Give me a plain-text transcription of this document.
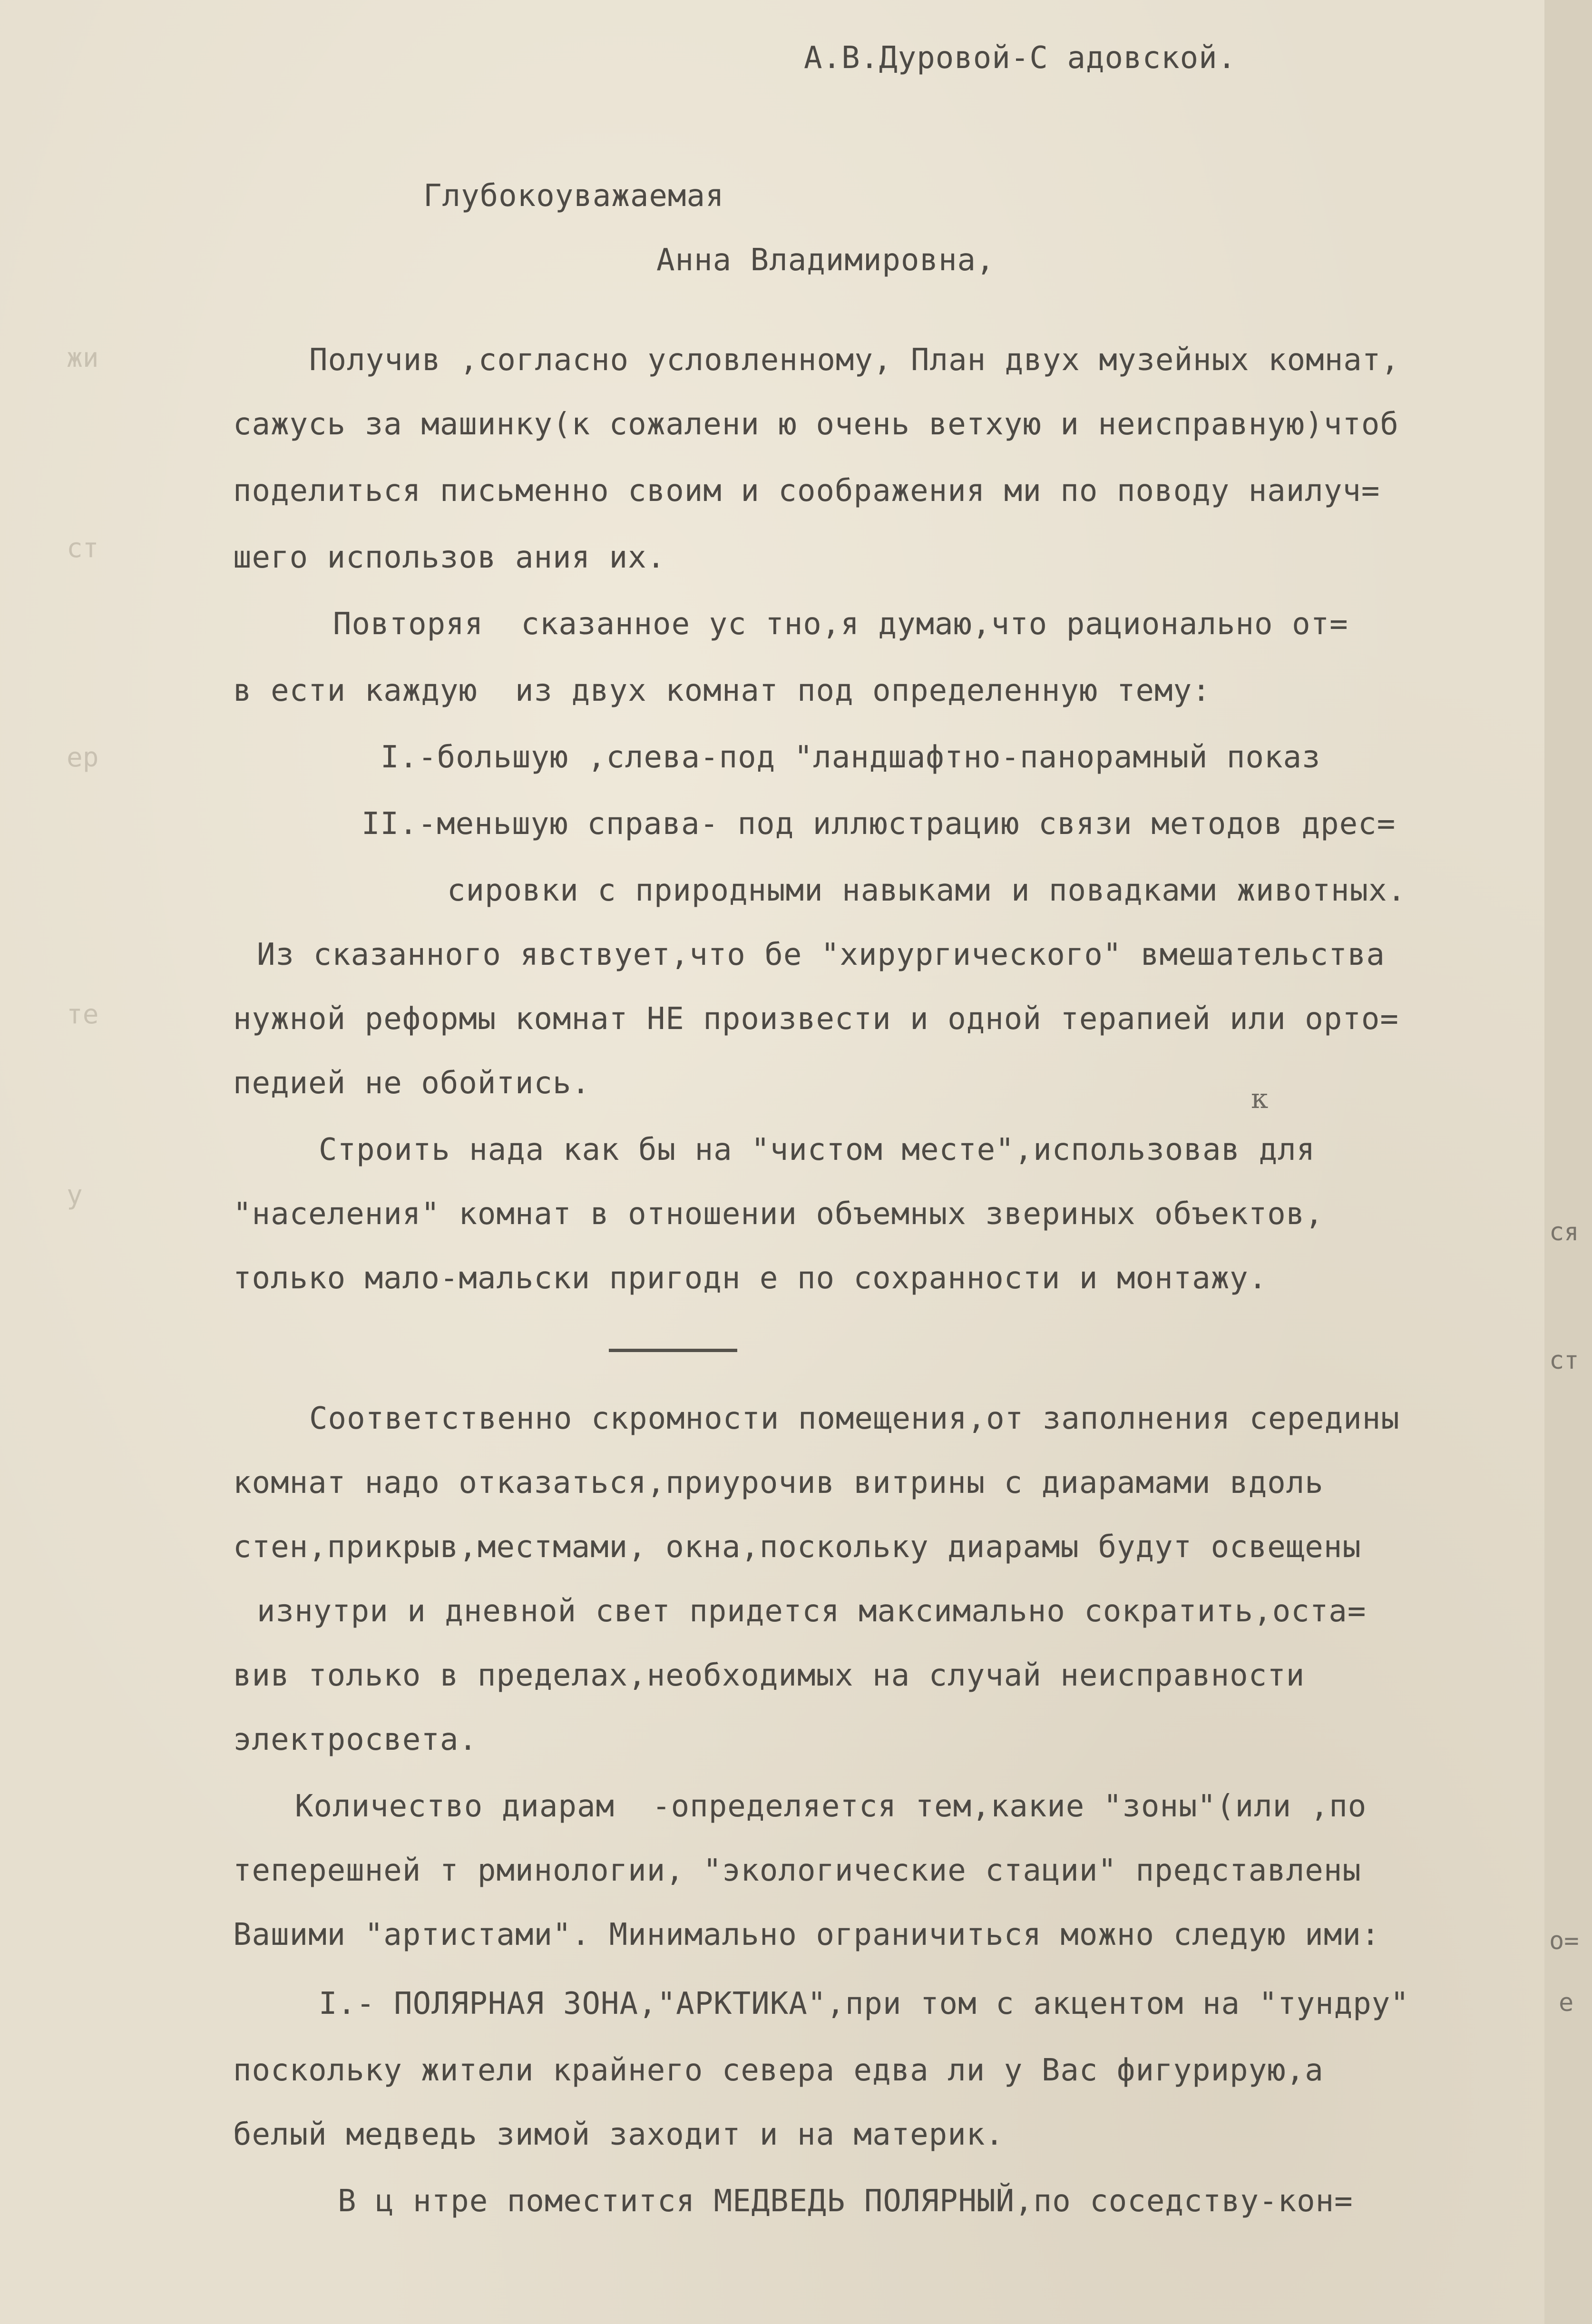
жи
ст
ер
те
у
А.В.Дуровой-С адовской.
Глубокоуважаемая
Анна Владимировна,
Получив ,согласно условленному, План двух музейных комнат,
сажусь за машинку(к сожалени ю очень ветхую и неисправную)чтоб
поделиться письменно своим и соображения ми по поводу наилуч=
шего использов ания их.
Повторяя  сказанное ус тно,я думаю,что рационально от=
в ести каждую  из двух комнат под определенную тему:
I.-большую ,слева-под "ландшафтно-панорамный показ
II.-меньшую справа- под иллюстрацию связи методов дрес=
сировки с природными навыками и повадками животных.
Из сказанного явствует,что бе "хирургического" вмешательства
нужной реформы комнат НЕ произвести и одной терапией или орто=
педией не обойтись.	к
Строить нада как бы на "чистом месте",использовав для
"населения" комнат в отношении объемных звериных объектов,
только мало-мальски пригодн е по сохранности и монтажу.
Соответственно скромности помещения,от заполнения середины
комнат надо отказаться,приурочив витрины с диарамами вдоль
стен,прикрыв,местмами, окна,поскольку диарамы будут освещены
изнутри и дневной свет придется максимально сократить,оста=
вив только в пределах,необходимых на случай неисправности
электросвета.
Количество диарам  -определяется тем,какие "зоны"(или ,по
теперешней т рминологии, "экологические стации" представлены
Вашими "артистами". Минимально ограничиться можно следую ими:
I.- ПОЛЯРНАЯ ЗОНА,"АРКТИКА",при том с акцентом на "тундру"
поскольку жители крайнего севера едва ли у Вас фигурирую,а
белый медведь зимой заходит и на материк.
В ц нтре поместится МЕДВЕДЬ ПОЛЯРНЫЙ,по соседству-кон=
ся
ст
е
о=
